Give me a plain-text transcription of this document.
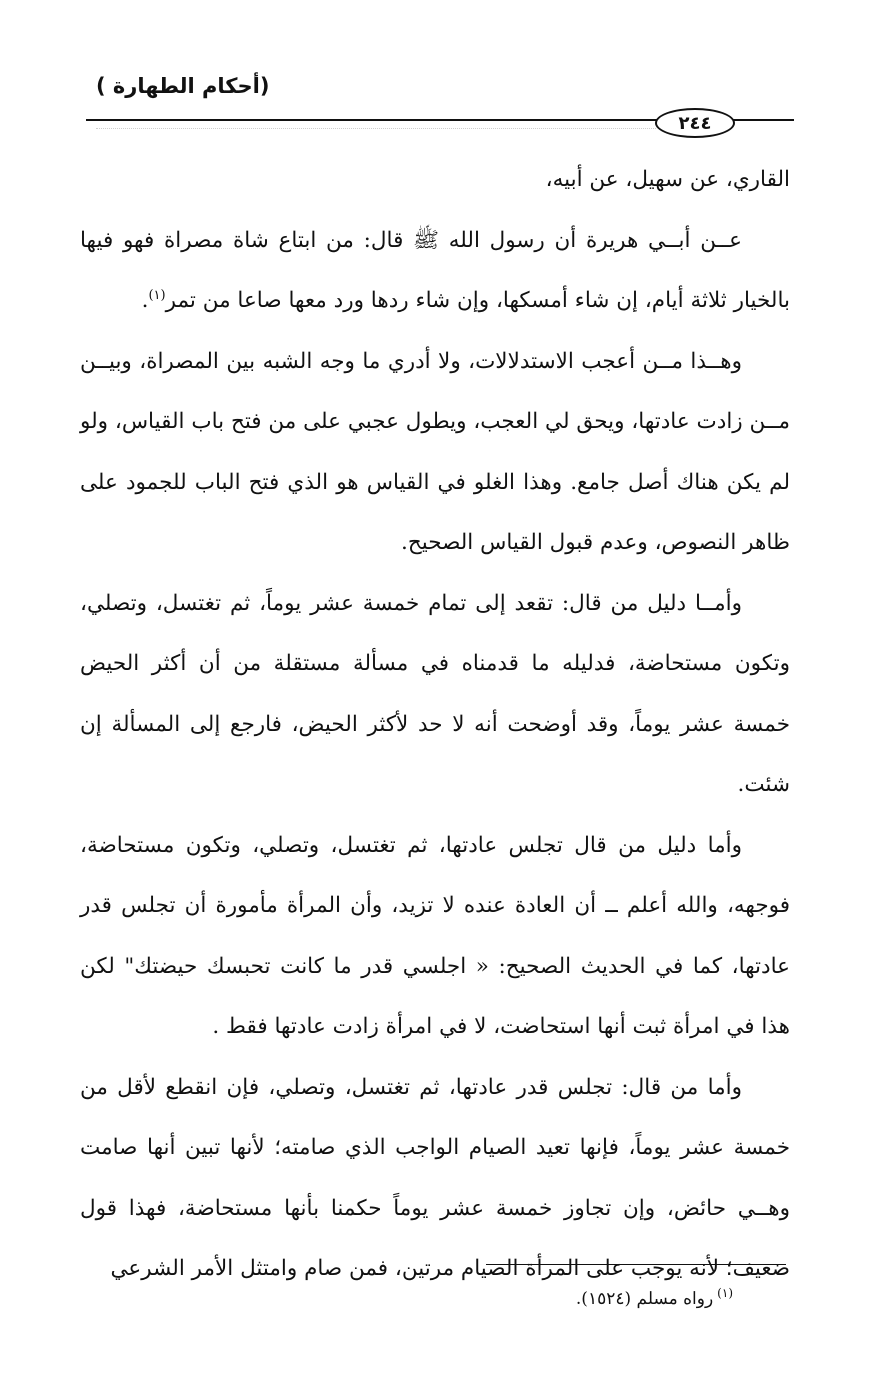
(أحكام الطهارة )
٢٤٤

القاري، عن سهيل، عن أبيه،

عــن أبــي هريرة أن رسول الله ﷺ قال: من ابتاع شاة مصراة فهو فيها بالخيار ثلاثة أيام، إن شاء أمسكها، وإن شاء ردها ورد معها صاعا من تمر$^{(١)}$.

وهــذا مــن أعجب الاستدلالات، ولا أدري ما وجه الشبه بين المصراة، وبيــن مــن زادت عادتها، ويحق لي العجب، ويطول عجبي على من فتح باب القياس، ولو لم يكن هناك أصل جامع. وهذا الغلو في القياس هو الذي فتح الباب للجمود على ظاهر النصوص، وعدم قبول القياس الصحيح.

وأمــا دليل من قال: تقعد إلى تمام خمسة عشر يوماً، ثم تغتسل، وتصلي، وتكون مستحاضة، فدليله ما قدمناه في مسألة مستقلة من أن أكثر الحيض خمسة عشر يوماً، وقد أوضحت أنه لا حد لأكثر الحيض، فارجع إلى المسألة إن شئت.

وأما دليل من قال تجلس عادتها، ثم تغتسل، وتصلي، وتكون مستحاضة، فوجهه، والله أعلم ــ أن العادة عنده لا تزيد، وأن المرأة مأمورة أن تجلس قدر عادتها، كما في الحديث الصحيح: « اجلسي قدر ما كانت تحبسك حيضتك" لكن هذا في امرأة ثبت أنها استحاضت، لا في امرأة زادت عادتها فقط .

وأما من قال: تجلس قدر عادتها، ثم تغتسل، وتصلي، فإن انقطع لأقل من خمسة عشر يوماً، فإنها تعيد الصيام الواجب الذي صامته؛ لأنها تبين أنها صامت وهــي حائض، وإن تجاوز خمسة عشر يوماً حكمنا بأنها مستحاضة، فهذا قول ضعيف؛ لأنه يوجب على المرأة الصيام مرتين، فمن صام وامتثل الأمر الشرعي

$^{(١)}$رواه مسلم (١٥٢٤).
